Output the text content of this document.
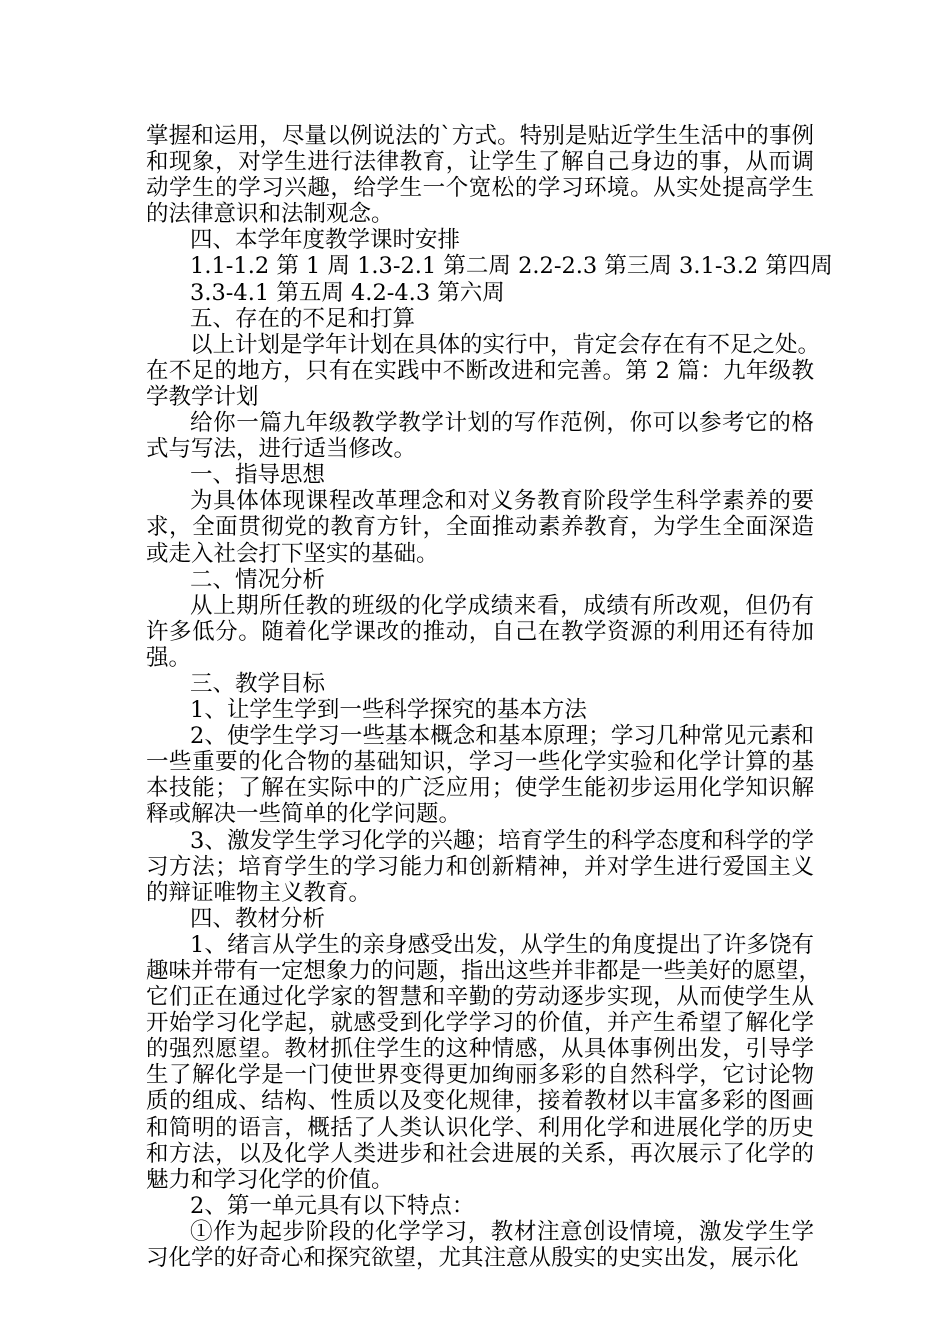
掌握和运用，尽量以例说法的`方式。特别是贴近学生生活中的事例
和现象，对学生进行法律教育，让学生了解自己身边的事，从而调
动学生的学习兴趣，给学生一个宽松的学习环境。从实处提高学生
的法律意识和法制观念。
四、本学年度教学课时安排
1.1-1.2 第 1 周 1.3-2.1 第二周 2.2-2.3 第三周 3.1-3.2 第四周
3.3-4.1 第五周 4.2-4.3 第六周
五、存在的不足和打算
以上计划是学年计划在具体的实行中，肯定会存在有不足之处。
在不足的地方，只有在实践中不断改进和完善。第 2 篇：九年级教
学教学计划
给你一篇九年级教学教学计划的写作范例，你可以参考它的格
式与写法，进行适当修改。
一、指导思想
为具体体现课程改革理念和对义务教育阶段学生科学素养的要
求，全面贯彻党的教育方针，全面推动素养教育，为学生全面深造
或走入社会打下坚实的基础。
二、情况分析
从上期所任教的班级的化学成绩来看，成绩有所改观，但仍有
许多低分。随着化学课改的推动，自己在教学资源的利用还有待加
强。
三、教学目标
1、让学生学到一些科学探究的基本方法
2、使学生学习一些基本概念和基本原理；学习几种常见元素和
一些重要的化合物的基础知识，学习一些化学实验和化学计算的基
本技能；了解在实际中的广泛应用；使学生能初步运用化学知识解
释或解决一些简单的化学问题。
3、激发学生学习化学的兴趣；培育学生的科学态度和科学的学
习方法；培育学生的学习能力和创新精神，并对学生进行爱国主义
的辩证唯物主义教育。
四、教材分析
1、绪言从学生的亲身感受出发，从学生的角度提出了许多饶有
趣味并带有一定想象力的问题，指出这些并非都是一些美好的愿望，
它们正在通过化学家的智慧和辛勤的劳动逐步实现，从而使学生从
开始学习化学起，就感受到化学学习的价值，并产生希望了解化学
的强烈愿望。教材抓住学生的这种情感，从具体事例出发，引导学
生了解化学是一门使世界变得更加绚丽多彩的自然科学，它讨论物
质的组成、结构、性质以及变化规律，接着教材以丰富多彩的图画
和简明的语言，概括了人类认识化学、利用化学和进展化学的历史
和方法，以及化学人类进步和社会进展的关系，再次展示了化学的
魅力和学习化学的价值。
2、第一单元具有以下特点：
①作为起步阶段的化学学习，教材注意创设情境，激发学生学
习化学的好奇心和探究欲望，尤其注意从殷实的史实出发，展示化
